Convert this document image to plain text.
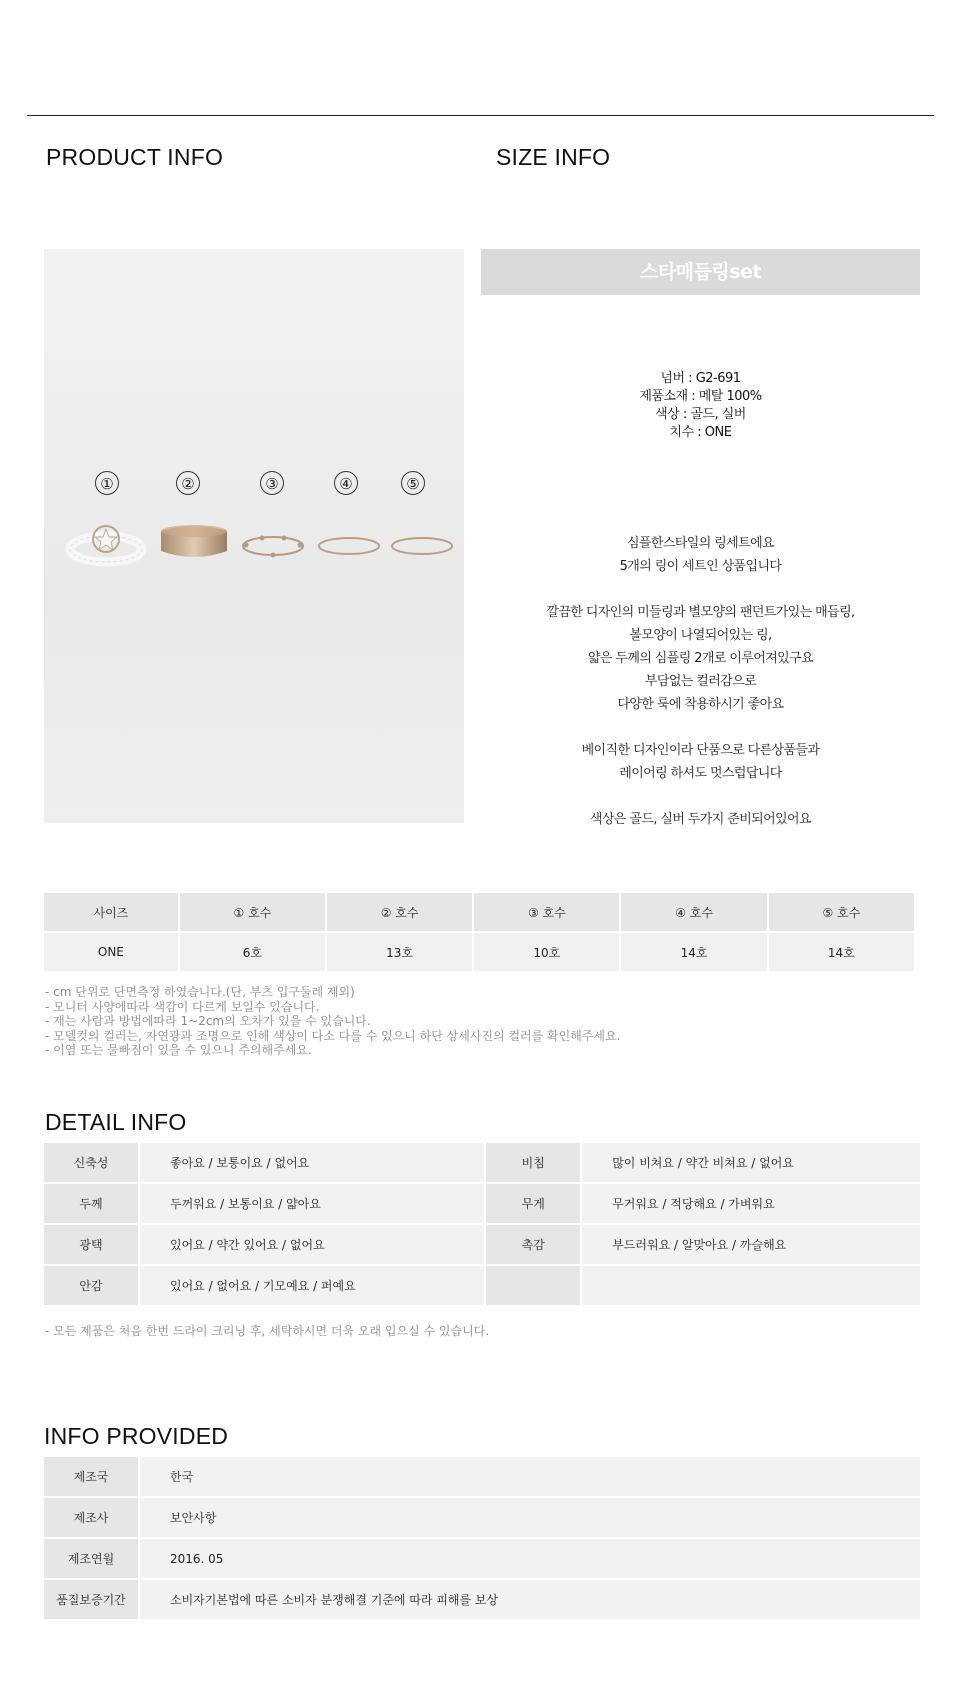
PRODUCT INFO	SIZE INFO
①	②	③	④	⑤
스타매듭링set
넘버 : G2-691
제품소재 : 메탈 100%
색상 : 골드, 실버
치수 : ONE
심플한스타일의 링세트에요
5개의 링이 세트인 상품입니다
깔끔한 디자인의 미들링과 별모양의 팬던트가있는 매듭링,
볼모양이 나열되어있는 링,
얇은 두께의 심플링 2개로 이루어져있구요
부담없는 컬러감으로
다양한 룩에 착용하시기 좋아요
베이직한 디자인이라 단품으로 다른상품들과
레이어링 하셔도 멋스럽답니다
색상은 골드, 실버 두가지 준비되어있어요
사이즈	① 호수	② 호수	③ 호수	④ 호수	⑤ 호수			
ONE	6호	13호	10호	14호	14호			
- cm 단위로 단면측정 하였습니다.(단, 부츠 입구둘레 제외)
- 모니터 사양에따라 색감이 다르게 보일수 있습니다.
- 재는 사람과 방법에따라 1~2cm의 오차가 있을 수 있습니다.
- 모델컷의 컬러는, 자연광과 조명으로 인해 색상이 다소 다를 수 있으니 하단 상세사진의 컬러를 확인해주세요.
- 이염 또는 물빠짐이 있을 수 있으니 주의해주세요.
DETAIL INFO
신축성	좋아요 / 보통이요 / 없어요	비침	많이 비쳐요 / 약간 비쳐요 / 없어요
두께	두꺼워요 / 보통이요 / 얇아요	무게	무거워요 / 적당해요 / 가벼워요
광택	있어요 / 약간 있어요 / 없어요	촉감	부드러워요 / 알맞아요 / 까슬해요
안감	있어요 / 없어요 / 기모예요 / 퍼예요		
- 모든 제품은 처음 한번 드라이 크리닝 후, 세탁하시면 더욱 오래 입으실 수 있습니다.
INFO PROVIDED
제조국	한국
제조사	보안사항
제조연월	2016. 05
품질보증기간	소비자기본법에 따른 소비자 분쟁해결 기준에 따라 피해를 보상
